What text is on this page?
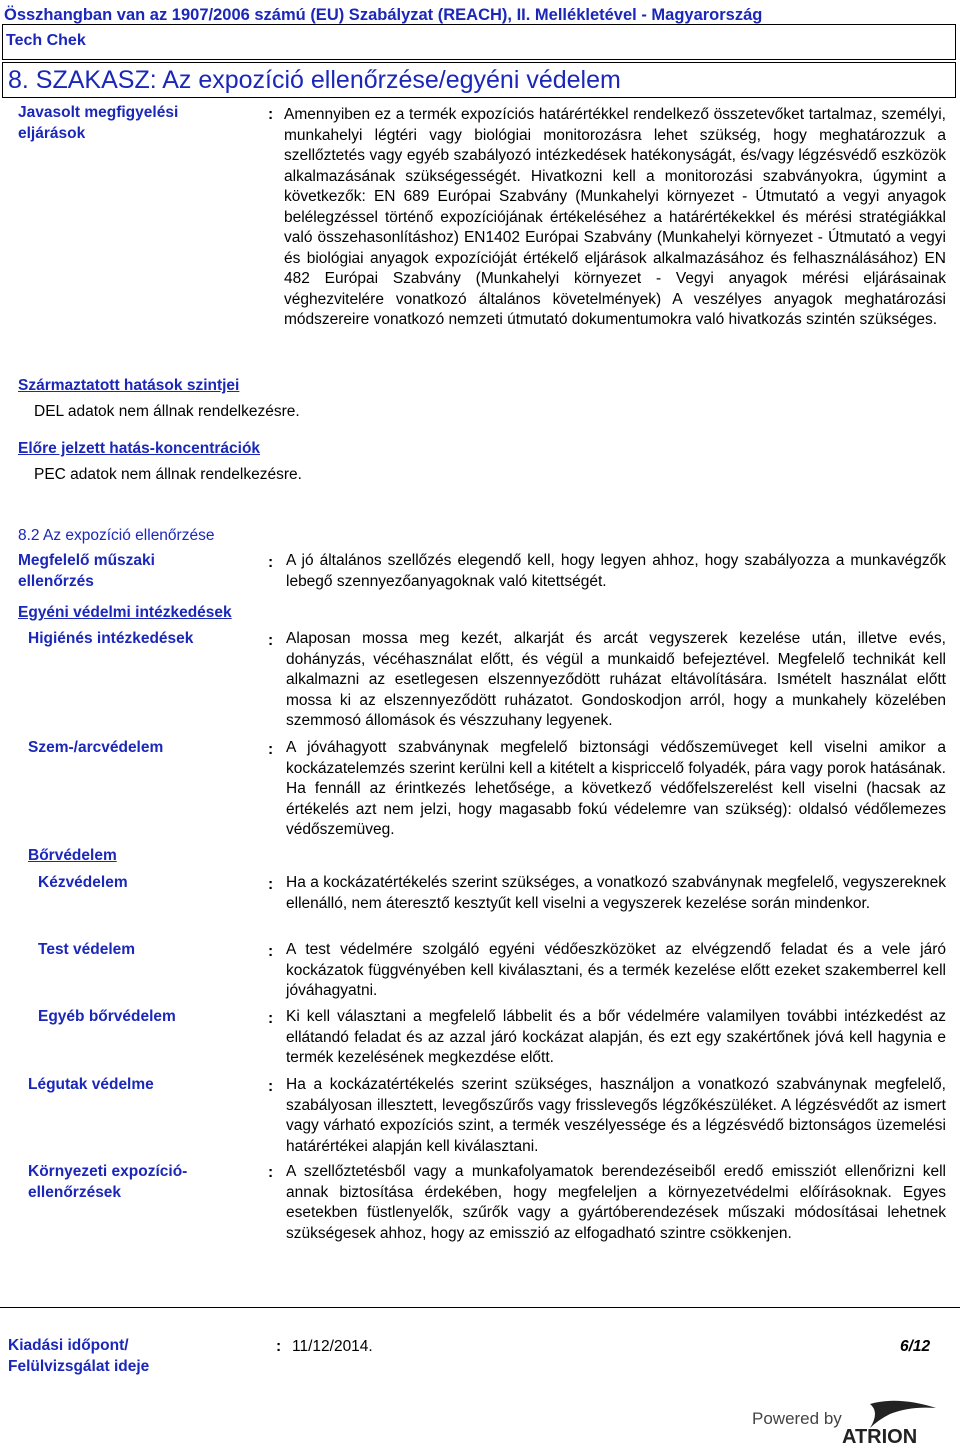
Összhangban van az 1907/2006 számú (EU) Szabályzat (REACH), II. Mellékletével - Magyarország
Tech Chek
8. SZAKASZ: Az expozíció ellenőrzése/egyéni védelem
Javasolt megfigyelési eljárások
: Amennyiben ez a termék expozíciós határértékkel rendelkező összetevőket tartalmaz, személyi, munkahelyi légtéri vagy biológiai monitorozásra lehet szükség, hogy meghatározzuk a szellőztetés vagy egyéb szabályozó intézkedések hatékonyságát, és/vagy légzésvédő eszközök alkalmazásának szükségességét. Hivatkozni kell a monitorozási szabványokra, úgymint a következők: EN 689 Európai Szabvány (Munkahelyi környezet - Útmutató a vegyi anyagok belélegzéssel történő expozíciójának értékeléséhez a határértékekkel és mérési stratégiákkal való összehasonlításhoz) EN1402 Európai Szabvány (Munkahelyi környezet - Útmutató a vegyi és biológiai anyagok expozícióját értékelő eljárások alkalmazásához és felhasználásához) EN 482 Európai Szabvány (Munkahelyi környezet - Vegyi anyagok mérési eljárásainak véghezvitelére vonatkozó általános követelmények) A veszélyes anyagok meghatározási módszereire vonatkozó nemzeti útmutató dokumentumokra való hivatkozás szintén szükséges.
Származtatott hatások szintjei
DEL adatok nem állnak rendelkezésre.
Előre jelzett hatás-koncentrációk
PEC adatok nem állnak rendelkezésre.
8.2 Az expozíció ellenőrzése
Megfelelő műszaki ellenőrzés
: A jó általános szellőzés elegendő kell, hogy legyen ahhoz, hogy szabályozza a munkavégzők lebegő szennyezőanyagoknak való kitettségét.
Egyéni védelmi intézkedések
Higiénés intézkedések	: Alaposan mossa meg kezét, alkarját és arcát vegyszerek kezelése után, illetve evés, dohányzás, vécéhasználat előtt, és végül a munkaidő befejeztével. Megfelelő technikát kell alkalmazni az esetlegesen elszennyeződött ruházat eltávolítására. Ismételt használat előtt mossa ki az elszennyeződött ruházatot. Gondoskodjon arról, hogy a munkahely közelében szemmosó állomások és vészzuhany legyenek.
Szem-/arcvédelem	: A jóváhagyott szabványnak megfelelő biztonsági védőszemüveget kell viselni amikor a kockázatelemzés szerint kerülni kell a kitételt a kispriccelő folyadék, pára vagy porok hatásának. Ha fennáll az érintkezés lehetősége, a következő védőfelszerelést kell viselni (hacsak az értékelés azt nem jelzi, hogy magasabb fokú védelemre van szükség): oldalsó védőlemezes védőszemüveg.
Bőrvédelem
Kézvédelem	: Ha a kockázatértékelés szerint szükséges, a vonatkozó szabványnak megfelelő, vegyszereknek ellenálló, nem áteresztő kesztyűt kell viselni a vegyszerek kezelése során mindenkor.
Test védelem	: A test védelmére szolgáló egyéni védőeszközöket az elvégzendő feladat és a vele járó kockázatok függvényében kell kiválasztani, és a termék kezelése előtt ezeket szakemberrel kell jóváhagyatni.
Egyéb bőrvédelem	: Ki kell választani a megfelelő lábbelit és a bőr védelmére valamilyen további intézkedést az ellátandó feladat és az azzal járó kockázat alapján, és ezt egy szakértőnek jóvá kell hagynia e termék kezelésének megkezdése előtt.
Légutak védelme	: Ha a kockázatértékelés szerint szükséges, használjon a vonatkozó szabványnak megfelelő, szabályosan illesztett, levegőszűrős vagy frisslevegős légzőkészüléket. A légzésvédőt az ismert vagy várható expozíciós szint, a termék veszélyessége és a légzésvédő biztonságos üzemelési határértékei alapján kell kiválasztani.
Környezeti expozíció-ellenőrzések
: A szellőztetésből vagy a munkafolyamatok berendezéseiből eredő emissziót ellenőrizni kell annak biztosítása érdekében, hogy megfeleljen a környezetvédelmi előírásoknak. Egyes esetekben füstlenyelők, szűrők vagy a gyártóberendezések műszaki módosításai lehetnek szükségesek ahhoz, hogy az emisszió az elfogadható szintre csökkenjen.
Kiadási időpont/ Felülvizsgálat ideje
: 11/12/2014.	6/12
Powered by
ATRION
